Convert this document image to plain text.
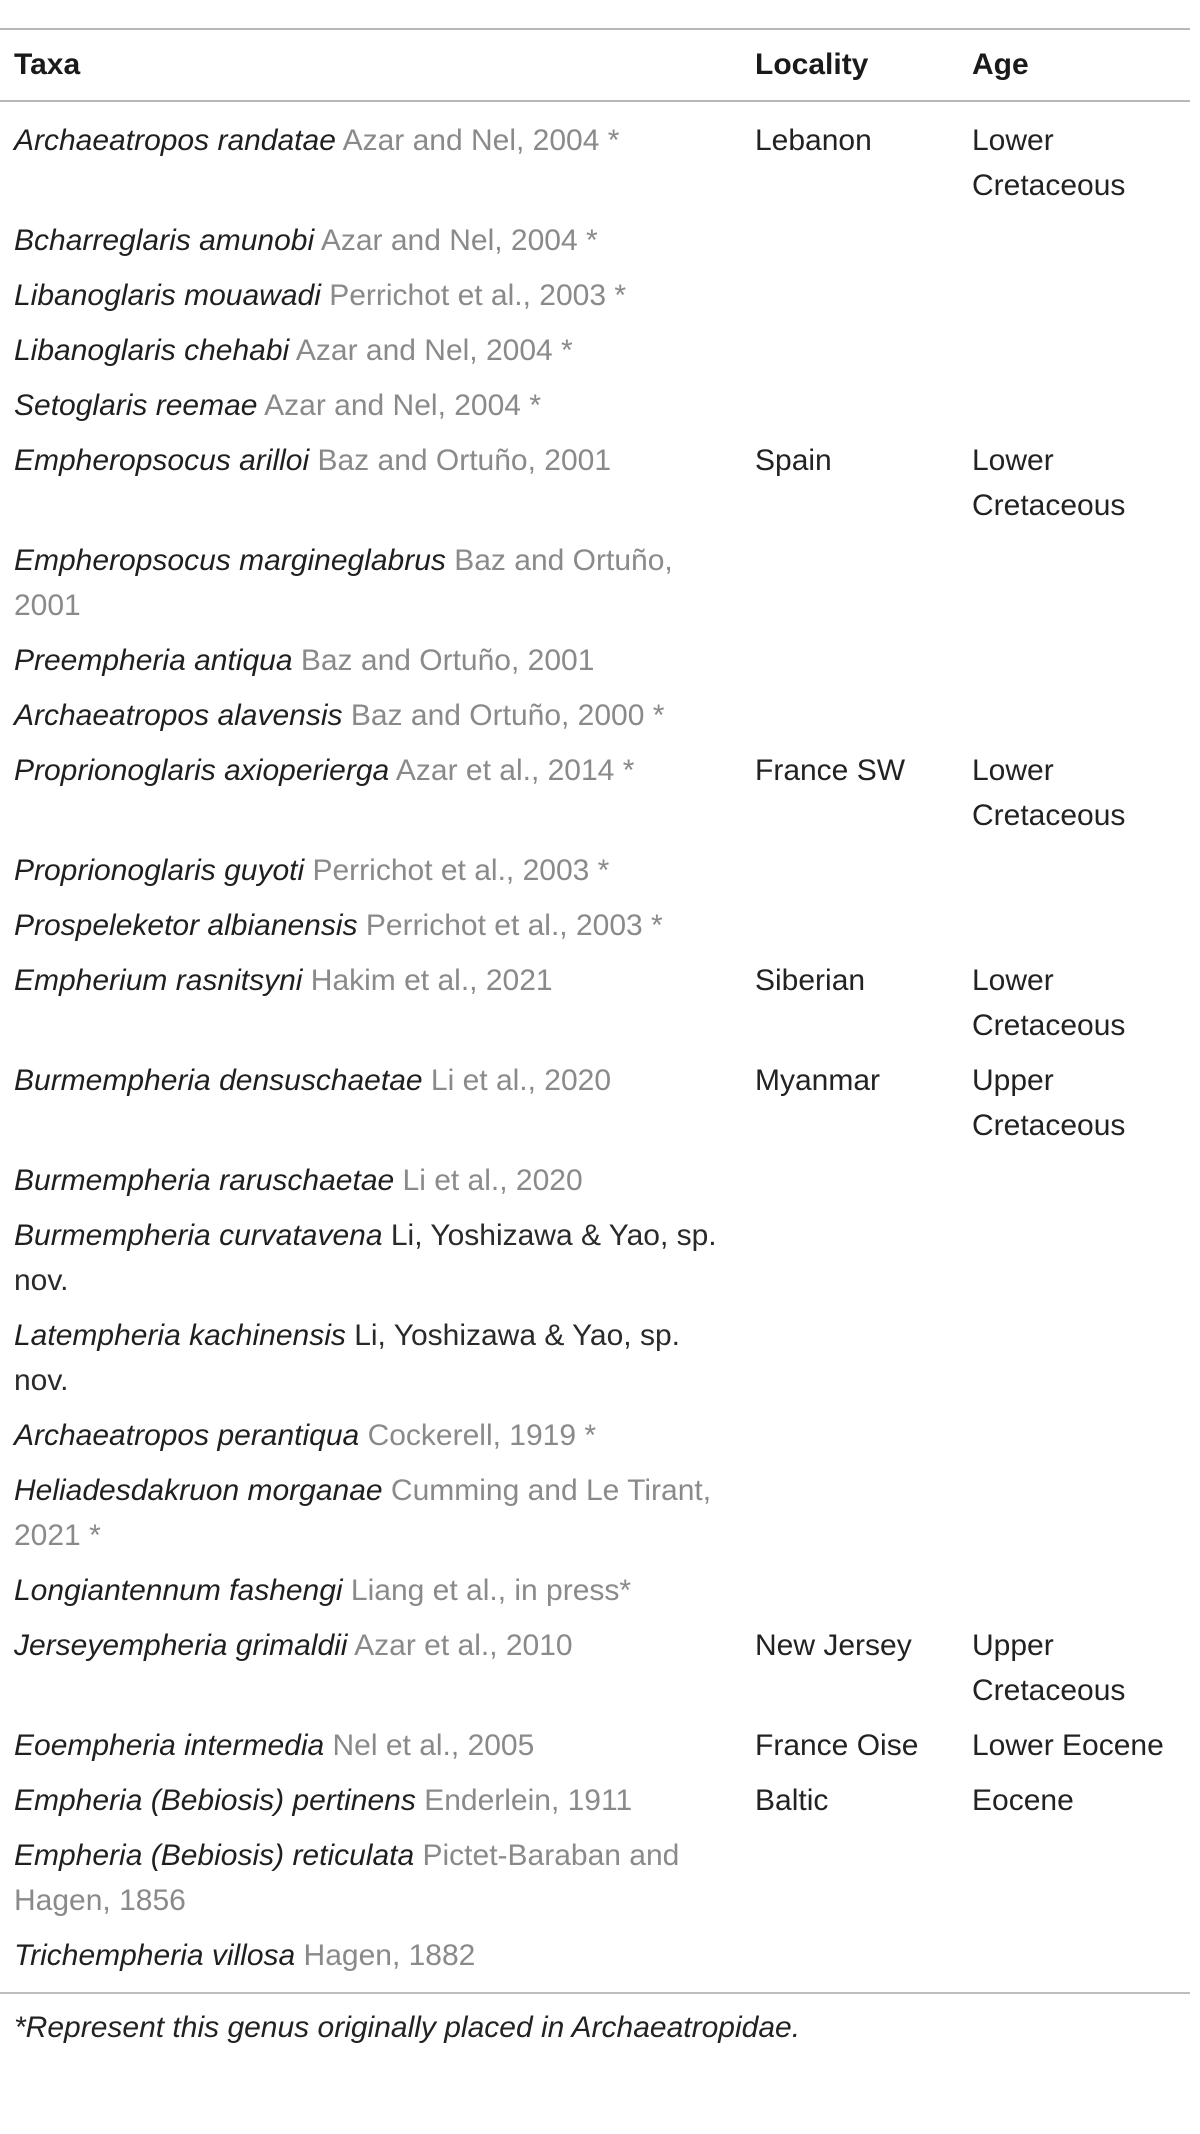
Taxa	Locality	Age
Archaeatropos randatae Azar and Nel, 2004 *	Lebanon	Lower Cretaceous
Bcharreglaris amunobi Azar and Nel, 2004 *		
Libanoglaris mouawadi Perrichot et al., 2003 *		
Libanoglaris chehabi Azar and Nel, 2004 *		
Setoglaris reemae Azar and Nel, 2004 *		
Empheropsocus arilloi Baz and Ortuño, 2001	Spain	Lower Cretaceous
Empheropsocus margineglabrus Baz and Ortuño, 2001		
Preempheria antiqua Baz and Ortuño, 2001		
Archaeatropos alavensis Baz and Ortuño, 2000 *		
Proprionoglaris axioperierga Azar et al., 2014 *	France SW	Lower Cretaceous
Proprionoglaris guyoti Perrichot et al., 2003 *		
Prospeleketor albianensis Perrichot et al., 2003 *		
Empherium rasnitsyni Hakim et al., 2021	Siberian	Lower Cretaceous
Burmempheria densuschaetae Li et al., 2020	Myanmar	Upper Cretaceous
Burmempheria raruschaetae Li et al., 2020		
Burmempheria curvatavena Li, Yoshizawa & Yao, sp. nov.		
Latempheria kachinensis Li, Yoshizawa & Yao, sp. nov.		
Archaeatropos perantiqua Cockerell, 1919 *		
Heliadesdakruon morganae Cumming and Le Tirant, 2021 *		
Longiantennum fashengi Liang et al., in press*		
Jerseyempheria grimaldii Azar et al., 2010	New Jersey	Upper Cretaceous
Eoempheria intermedia Nel et al., 2005	France Oise	Lower Eocene
Empheria (Bebiosis) pertinens Enderlein, 1911	Baltic	Eocene
Empheria (Bebiosis) reticulata Pictet-Baraban and Hagen, 1856		
Trichempheria villosa Hagen, 1882		
*Represent this genus originally placed in Archaeatropidae.
